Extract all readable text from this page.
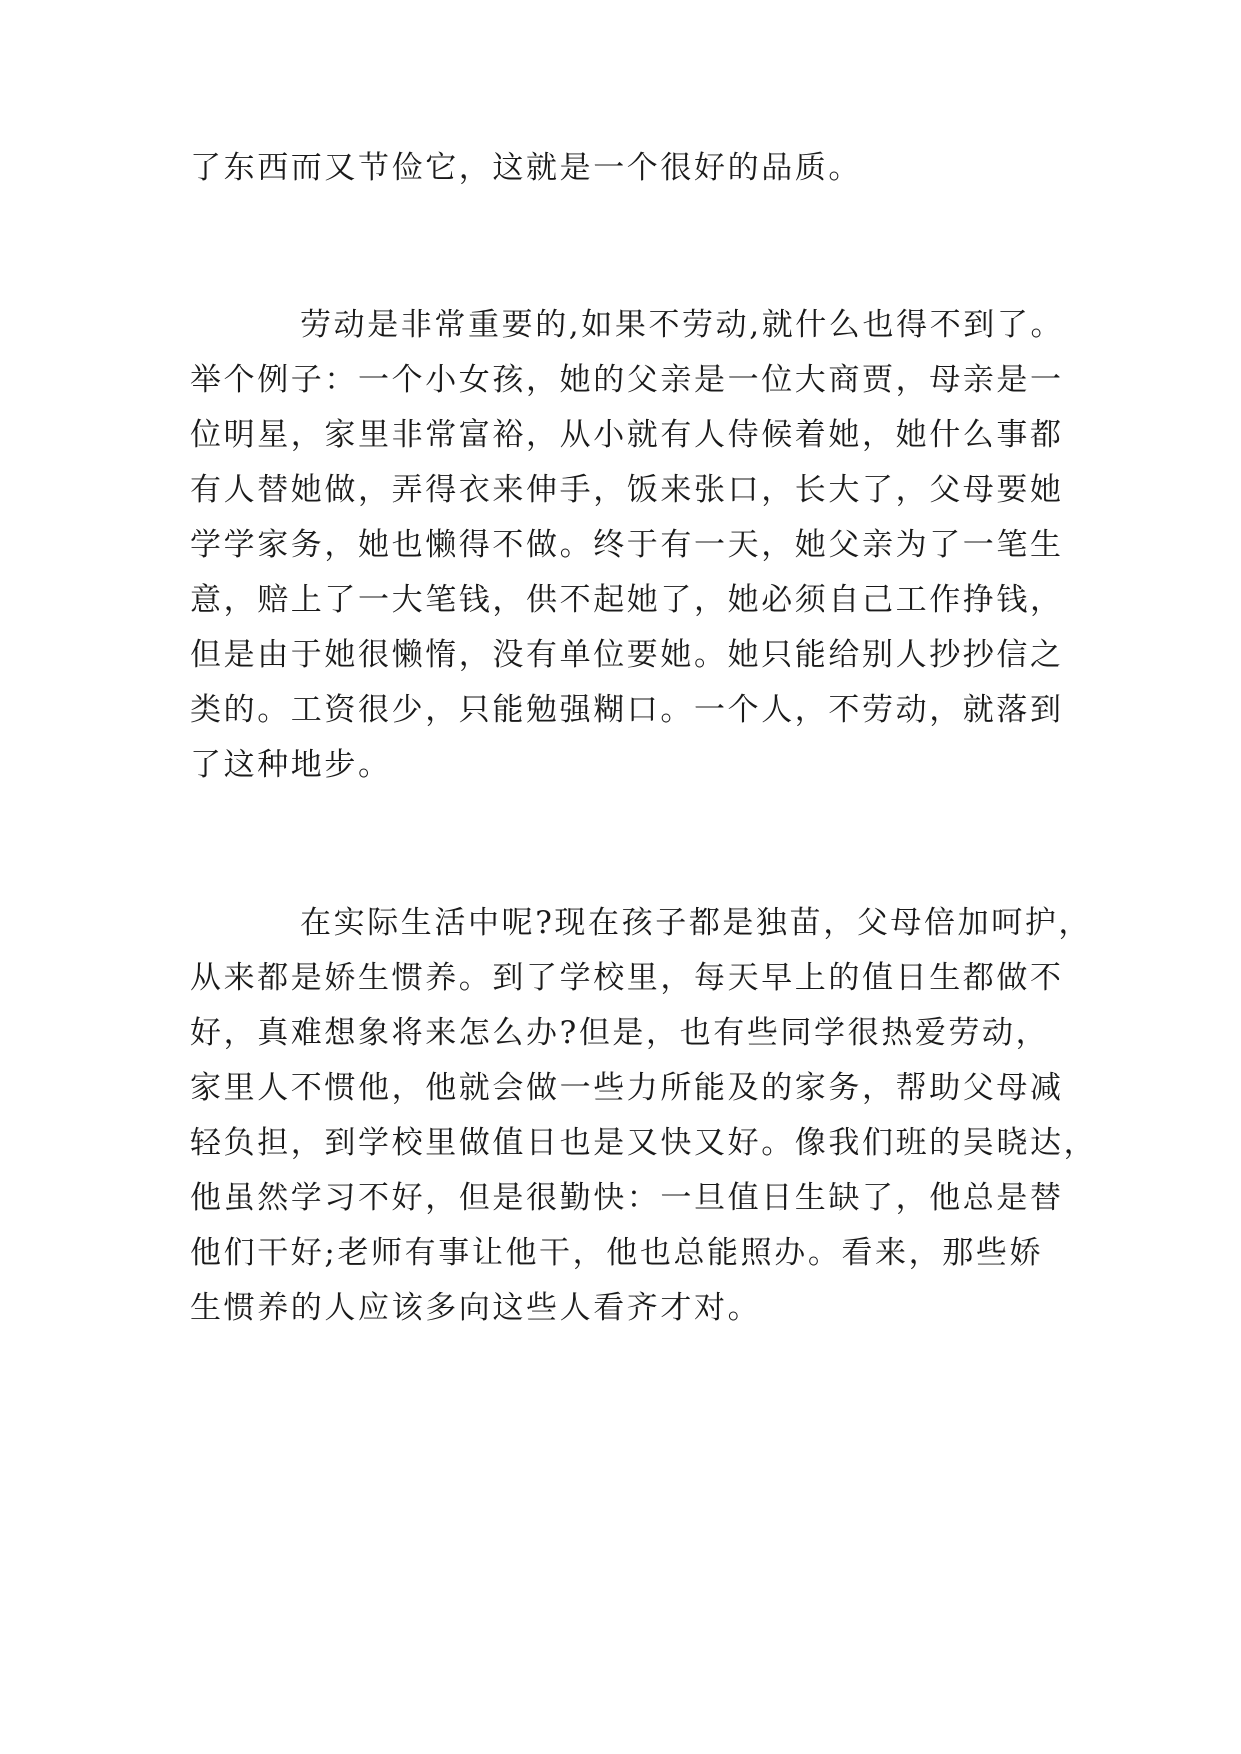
了东西而又节俭它，这就是一个很好的品质。
劳动是非常重要的,如果不劳动,就什么也得不到了。
举个例子：一个小女孩，她的父亲是一位大商贾，母亲是一
位明星，家里非常富裕，从小就有人侍候着她，她什么事都
有人替她做，弄得衣来伸手，饭来张口，长大了，父母要她
学学家务，她也懒得不做。终于有一天，她父亲为了一笔生
意，赔上了一大笔钱，供不起她了，她必须自己工作挣钱，
但是由于她很懒惰，没有单位要她。她只能给别人抄抄信之
类的。工资很少，只能勉强糊口。一个人，不劳动，就落到
了这种地步。
在实际生活中呢?现在孩子都是独苗，父母倍加呵护，
从来都是娇生惯养。到了学校里，每天早上的值日生都做不
好，真难想象将来怎么办?但是，也有些同学很热爱劳动，
家里人不惯他，他就会做一些力所能及的家务，帮助父母减
轻负担，到学校里做值日也是又快又好。像我们班的吴晓达，
他虽然学习不好，但是很勤快：一旦值日生缺了，他总是替
他们干好;老师有事让他干，他也总能照办。看来，那些娇
生惯养的人应该多向这些人看齐才对。
